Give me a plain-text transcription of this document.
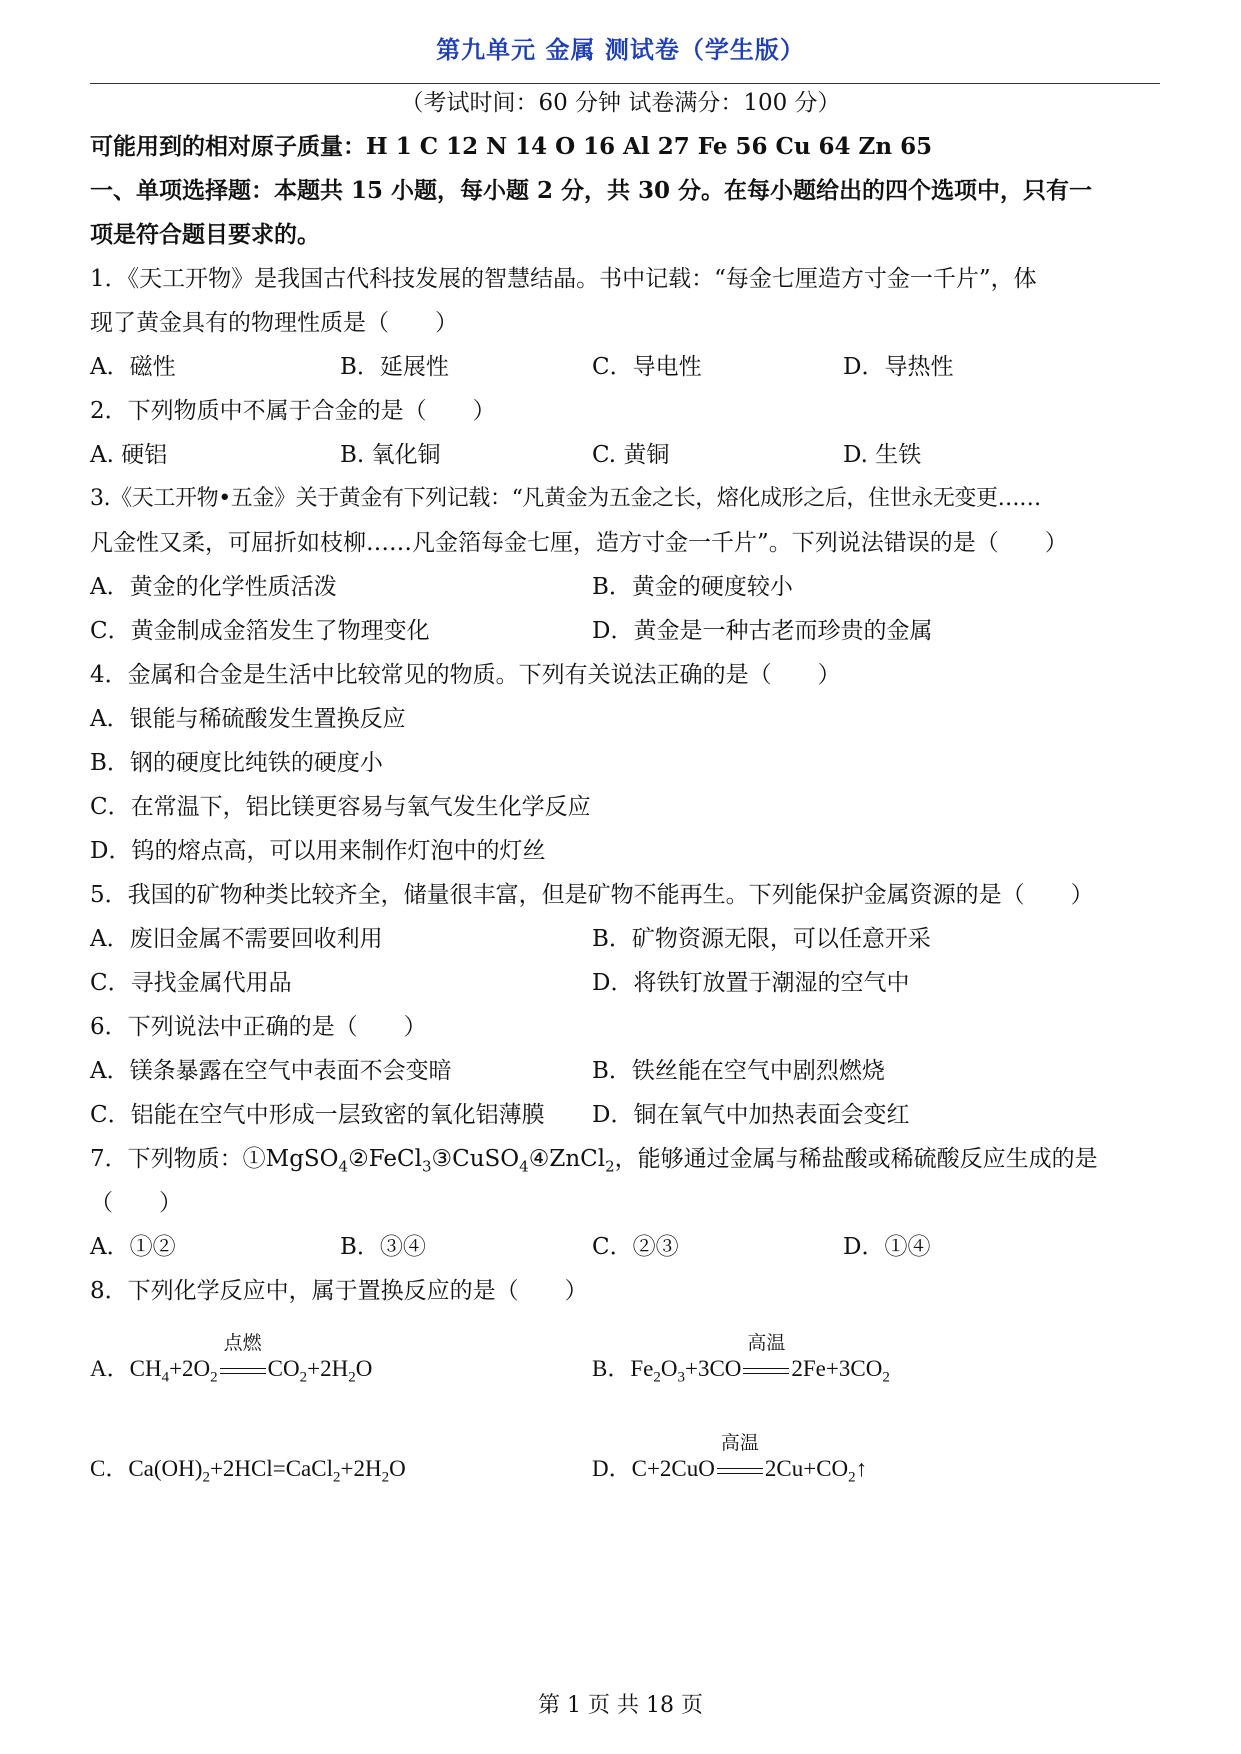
第九单元 金属 测试卷（学生版）
（考试时间：60 分钟 试卷满分：100 分）
可能用到的相对原子质量：H 1 C 12 N 14 O 16 Al 27 Fe 56 Cu 64 Zn 65
一、单项选择题：本题共 15 小题，每小题 2 分，共 30 分。在每小题给出的四个选项中，只有一
项是符合题目要求的。
1．《天工开物》是我国古代科技发展的智慧结晶。书中记载：“每金七厘造方寸金一千片”，体
现了黄金具有的物理性质是（　　）
A．磁性	B．延展性	C．导电性	D．导热性
2．下列物质中不属于合金的是（　　）
A. 硬铝	B. 氧化铜	C. 黄铜	D. 生铁
3.《天工开物•五金》关于黄金有下列记载：“凡黄金为五金之长，熔化成形之后，住世永无变更……
凡金性又柔，可屈折如枝柳……凡金箔每金七厘，造方寸金一千片”。下列说法错误的是（　　）
A．黄金的化学性质活泼	B．黄金的硬度较小
C．黄金制成金箔发生了物理变化	D．黄金是一种古老而珍贵的金属
4．金属和合金是生活中比较常见的物质。下列有关说法正确的是（　　）
A．银能与稀硫酸发生置换反应
B．钢的硬度比纯铁的硬度小
C．在常温下，铝比镁更容易与氧气发生化学反应
D．钨的熔点高，可以用来制作灯泡中的灯丝
5．我国的矿物种类比较齐全，储量很丰富，但是矿物不能再生。下列能保护金属资源的是（　　）
A．废旧金属不需要回收利用	B．矿物资源无限，可以任意开采
C．寻找金属代用品	D．将铁钉放置于潮湿的空气中
6．下列说法中正确的是（　　）
A．镁条暴露在空气中表面不会变暗	B．铁丝能在空气中剧烈燃烧
C．铝能在空气中形成一层致密的氧化铝薄膜 D．铜在氧气中加热表面会变红
7．下列物质：①MgSO$_4$②FeCl$_3$③CuSO$_4$④ZnCl$_2$，能够通过金属与稀盐酸或稀硫酸反应生成的是
（　　）
A．①②	B．③④	C．②③	D．①④
8．下列化学反应中，属于置换反应的是（　　）
A．$CH_4+2O_2$
点燃
$CO_2+2H_2O$	B．$Fe_2O_3+3CO$
高温
$2Fe+3CO_2$
C．$Ca(OH)_2+2HCl=CaCl_2+2H_2O$	D．C+2CuO
高温
$2Cu+CO_2↑$
第 1 页 共 18 页
